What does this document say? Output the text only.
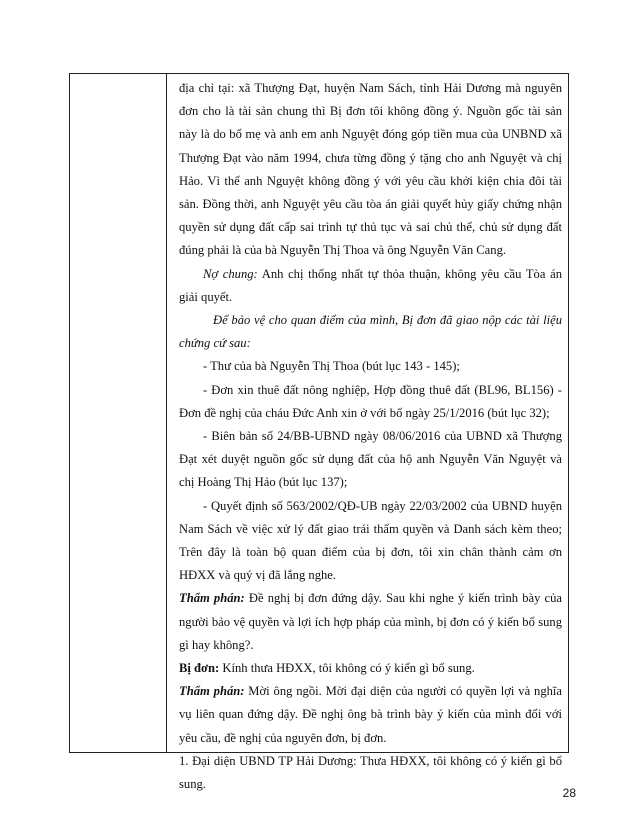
địa chỉ tại: xã Thượng Đạt, huyện Nam Sách, tỉnh Hải Dương mà nguyên đơn cho là tài sản chung thì Bị đơn tôi không đồng ý. Nguồn gốc tài sản này là do bố mẹ và anh em anh Nguyệt đóng góp tiền mua của UNBND xã Thượng Đạt vào năm 1994, chưa từng đồng ý tặng cho anh Nguyệt và chị Hảo. Vì thế anh Nguyệt không đồng ý với yêu cầu khởi kiện chia đôi tài sản. Đồng thời, anh Nguyệt yêu cầu tòa án giải quyết hủy giấy chứng nhận quyền sử dụng đất cấp sai trình tự thủ tục và sai chủ thể, chủ sử dụng đất đúng phải là của bà Nguyễn Thị Thoa và ông Nguyễn Văn Cang.

Nợ chung: Anh chị thống nhất tự thỏa thuận, không yêu cầu Tòa án giải quyết.

Để bảo vệ cho quan điểm của mình, Bị đơn đã giao nộp các tài liệu chứng cứ sau:

- Thư của bà Nguyễn Thị Thoa (bút lục 143 - 145);

- Đơn xin thuê đất nông nghiệp, Hợp đồng thuê đất (BL96, BL156) - Đơn đề nghị của cháu Đức Anh xin ở với bố ngày 25/1/2016 (bút lục 32);

- Biên bản số 24/BB-UBND ngày 08/06/2016 của UBND xã Thượng Đạt xét duyệt nguồn gốc sử dụng đất của hộ anh Nguyễn Văn Nguyệt và chị Hoàng Thị Hảo (bút lục 137);

- Quyết định số 563/2002/QĐ-UB ngày 22/03/2002 của UBND huyện Nam Sách về việc xử lý đất giao trái thẩm quyền và Danh sách kèm theo; Trên đây là toàn bộ quan điểm của bị đơn, tôi xin chân thành cảm ơn HĐXX và quý vị đã lắng nghe.

Thẩm phán: Đề nghị bị đơn đứng dậy. Sau khi nghe ý kiến trình bày của người bảo vệ quyền và lợi ích hợp pháp của mình, bị đơn có ý kiến bổ sung gì hay không?.

Bị đơn: Kính thưa HĐXX, tôi không có ý kiến gì bổ sung.

Thẩm phán: Mời ông ngồi. Mời đại diện của người có quyền lợi và nghĩa vụ liên quan đứng dậy. Đề nghị ông bà trình bày ý kiến của mình đối với yêu cầu, đề nghị của nguyên đơn, bị đơn.

1. Đại diện UBND TP Hải Dương: Thưa HĐXX, tôi không có ý kiến gì bổ sung.

28
